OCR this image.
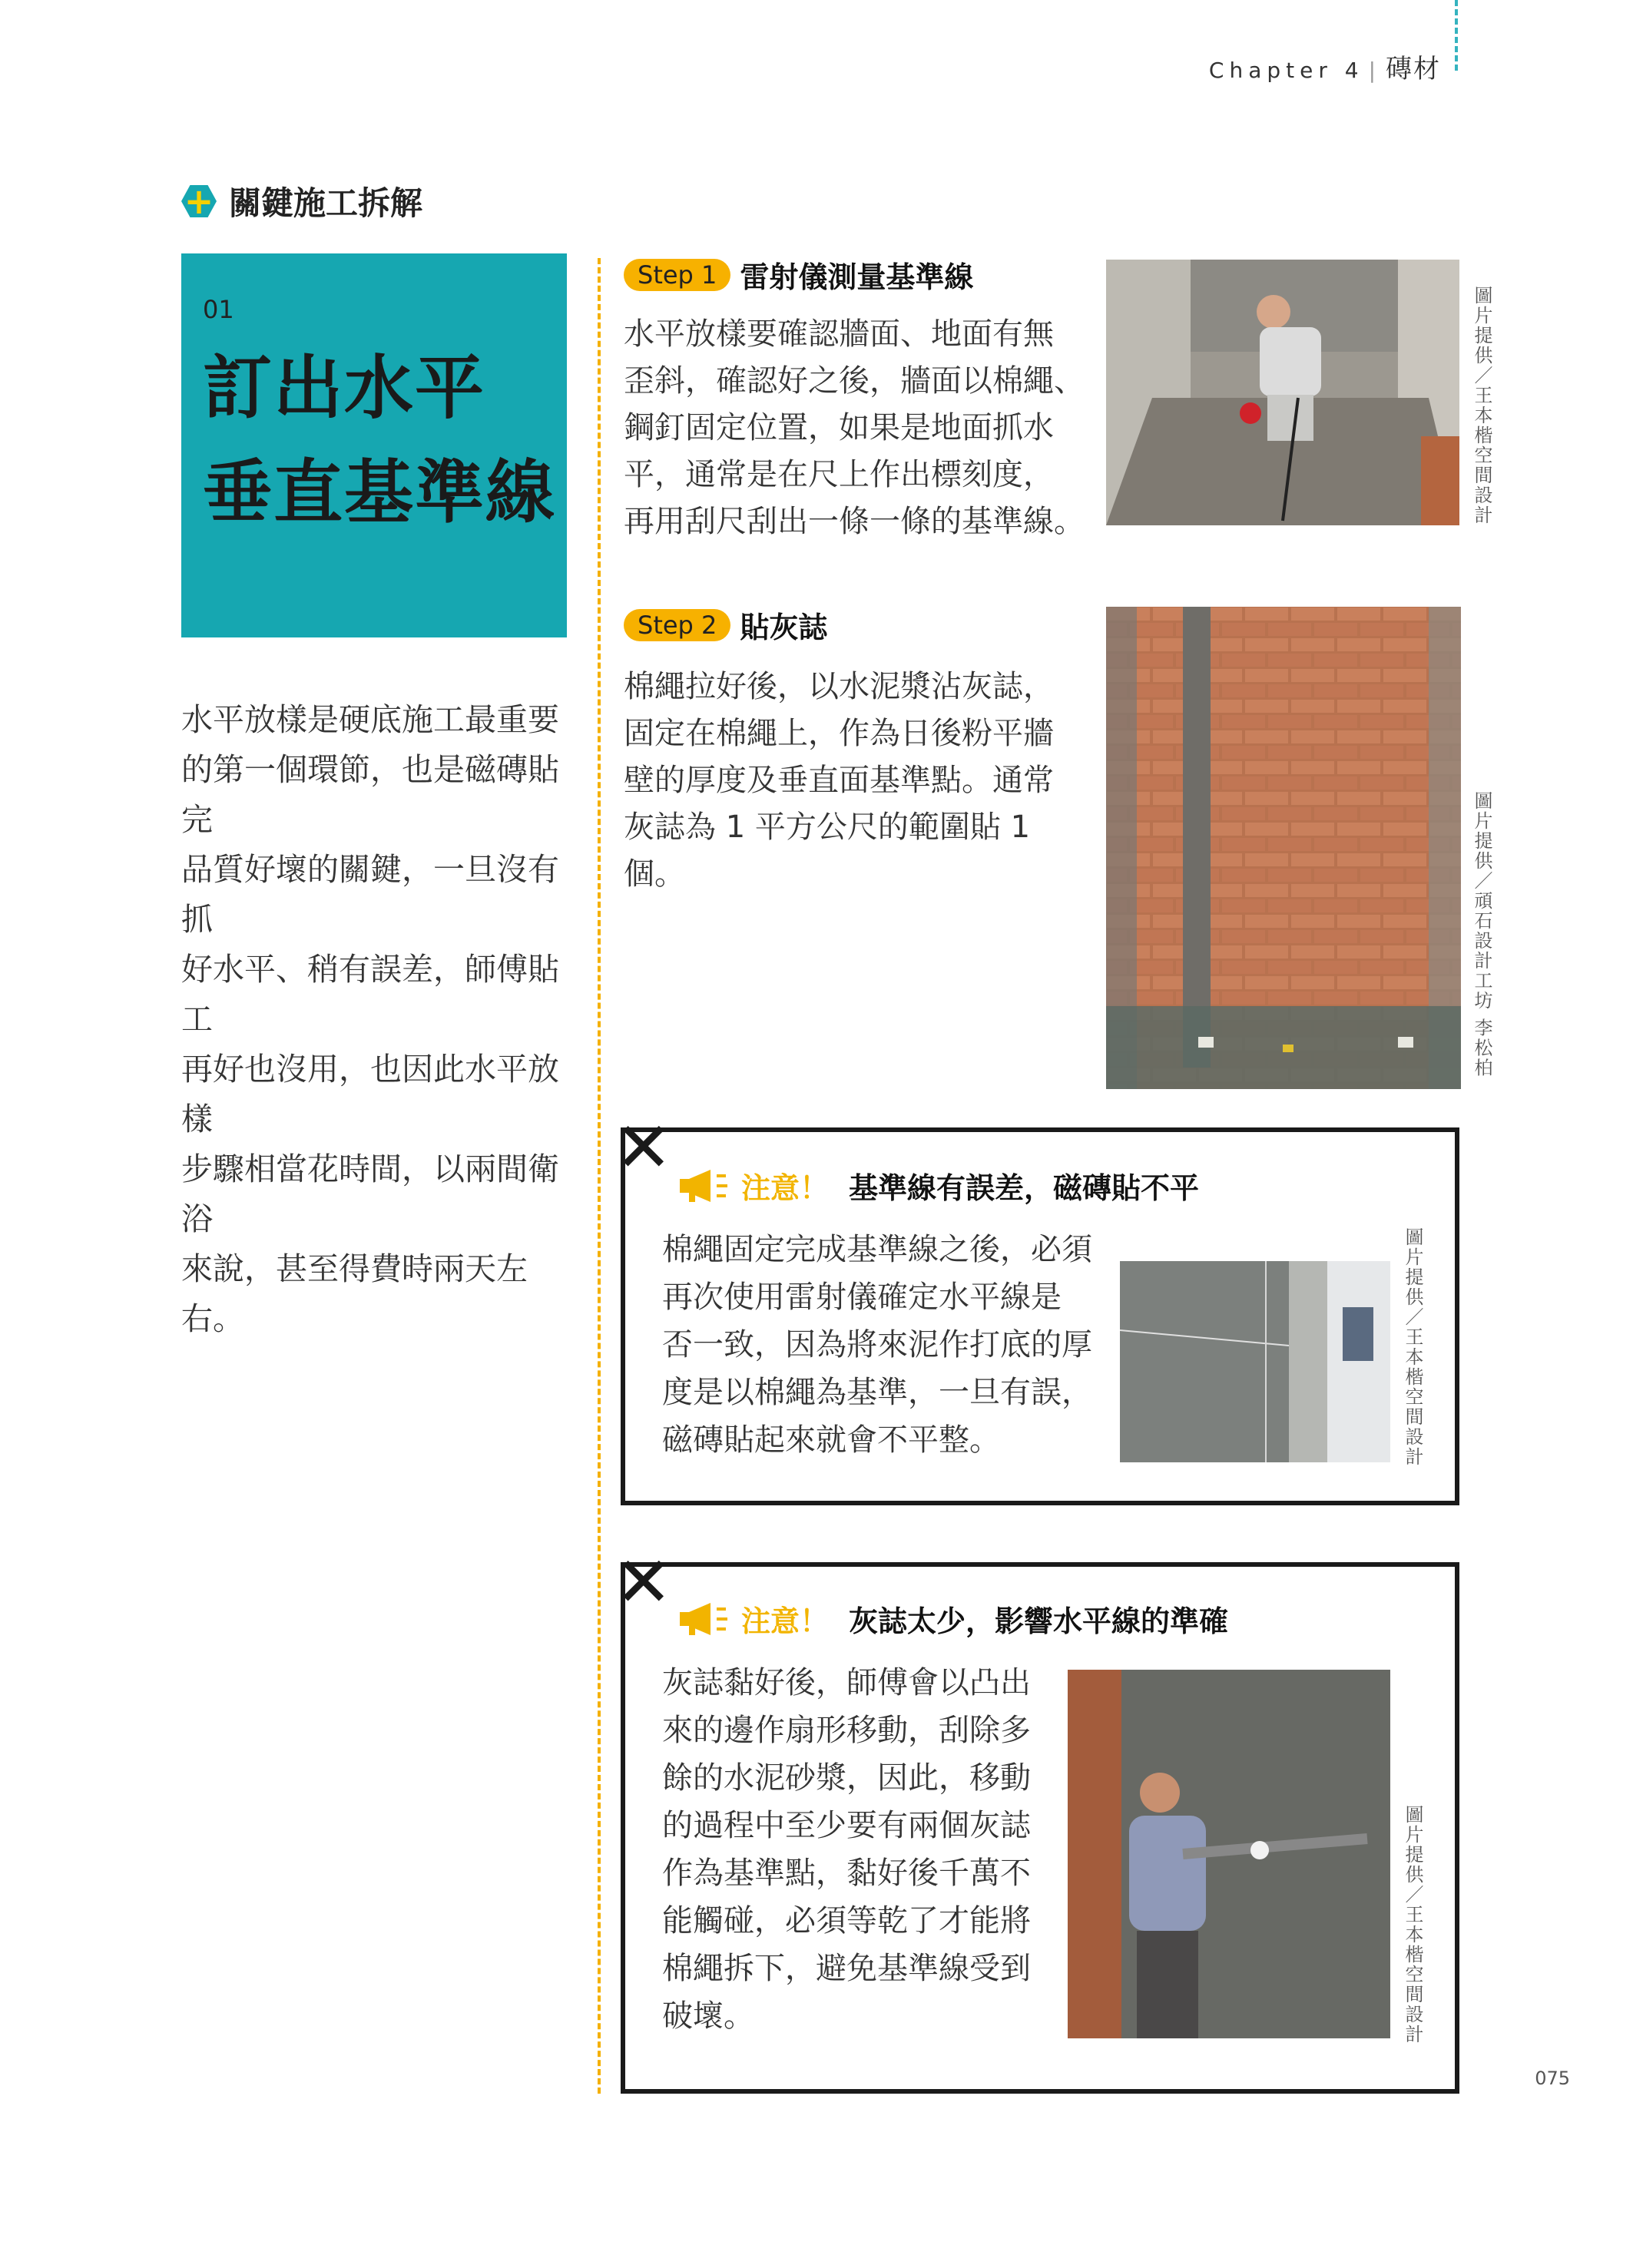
Chapter 4 | 磚材
+
關鍵施工拆解
01
訂出水平
垂直基準線
水平放樣是硬底施工最重要
的第一個環節，也是磁磚貼完
品質好壞的關鍵，一旦沒有抓
好水平、稍有誤差，師傅貼工
再好也沒用，也因此水平放樣
步驟相當花時間，以兩間衛浴
來說，甚至得費時兩天左右。
Step 1 雷射儀測量基準線
水平放樣要確認牆面、地面有無
歪斜，確認好之後，牆面以棉繩、
鋼釘固定位置，如果是地面抓水
平，通常是在尺上作出標刻度，
再用刮尺刮出一條一條的基準線。	圖片提供／王本楷空間設計
Step 2 貼灰誌
棉繩拉好後，以水泥漿沾灰誌，
固定在棉繩上，作為日後粉平牆
壁的厚度及垂直面基準點。通常
灰誌為 1 平方公尺的範圍貼 1 個。	圖片提供／頑石設計工坊 李松柏
✕ 注意！ 基準線有誤差，磁磚貼不平
棉繩固定完成基準線之後，必須
再次使用雷射儀確定水平線是
否一致，因為將來泥作打底的厚
度是以棉繩為基準，一旦有誤，
磁磚貼起來就會不平整。	圖片提供／王本楷空間設計
✕ 注意！ 灰誌太少，影響水平線的準確
灰誌黏好後，師傅會以凸出
來的邊作扇形移動，刮除多
餘的水泥砂漿，因此，移動
的過程中至少要有兩個灰誌
作為基準點，黏好後千萬不
能觸碰，必須等乾了才能將
棉繩拆下，避免基準線受到
破壞。	圖片提供／王本楷空間設計
075
